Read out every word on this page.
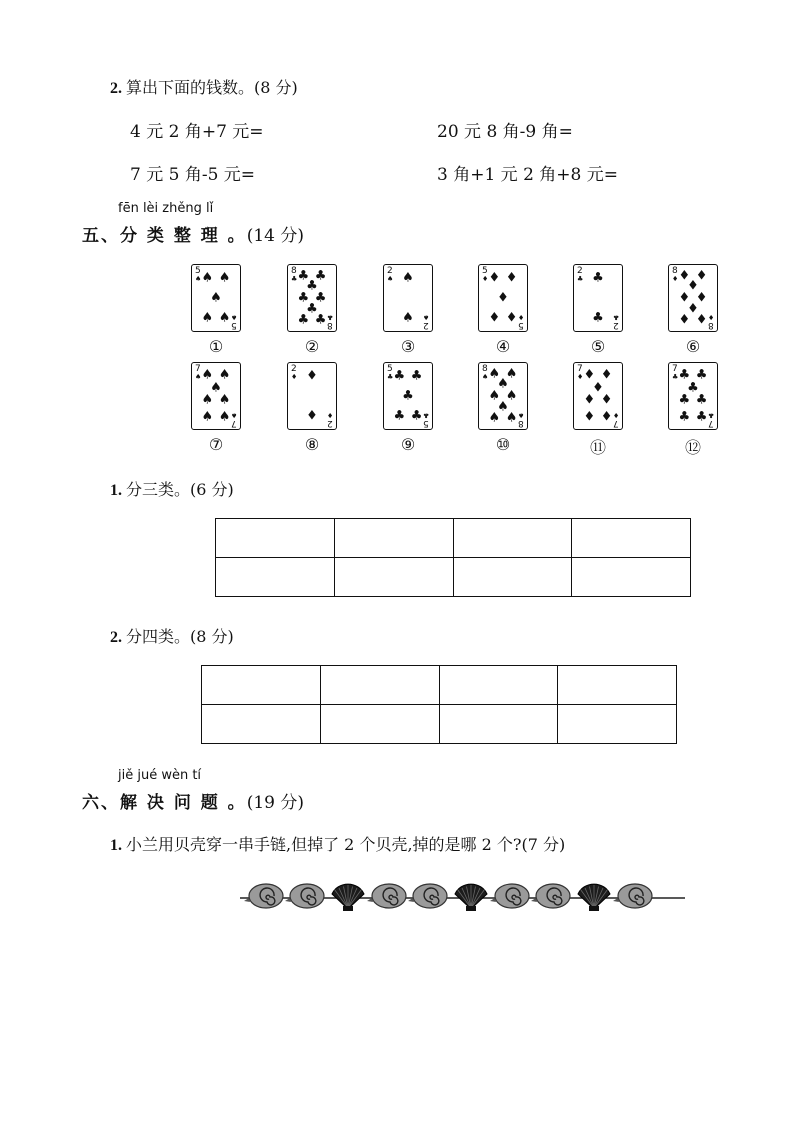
2. 算出下面的钱数。(8 分)
4 元 2 角+7 元=	20 元 8 角-9 角=
7 元 5 角-5 元=	3 角+1 元 2 角+8 元=
fēn lèi zhěng lǐ
五、分 类 整 理 。(14 分)
5
♠
5
♠
♠ ♠
♠
♠ ♠
①
8
♣
8
♣
♣ ♣
♣
♣ ♣
♣
♣ ♣
②
2
♠
2
♠
♠
♠
③
5
♦
5
♦
♦ ♦
♦
♦ ♦
④
2
♣
2
♣
♣
♣
⑤
8
♦
8
♦
♦ ♦
♦
♦ ♦
♦
♦ ♦
⑥
7
♠
7
♠
♠ ♠
♠
♠ ♠
♠ ♠
⑦
2
♦
2
♦
♦
♦
⑧
5
♣
5
♣
♣ ♣
♣
♣ ♣
⑨
8
♠
8
♠
♠ ♠
♠
♠ ♠
♠
♠ ♠
⑩
7
♦
7
♦
♦ ♦
♦
♦ ♦
♦ ♦
⑪
7
♣
7
♣
♣ ♣
♣
♣ ♣
♣ ♣
⑫
1. 分三类。(6 分)

2. 分四类。(8 分)

jiě jué wèn tí
六、解 决 问 题 。(19 分)
1. 小兰用贝壳穿一串手链,但掉了 2 个贝壳,掉的是哪 2 个?(7 分)
